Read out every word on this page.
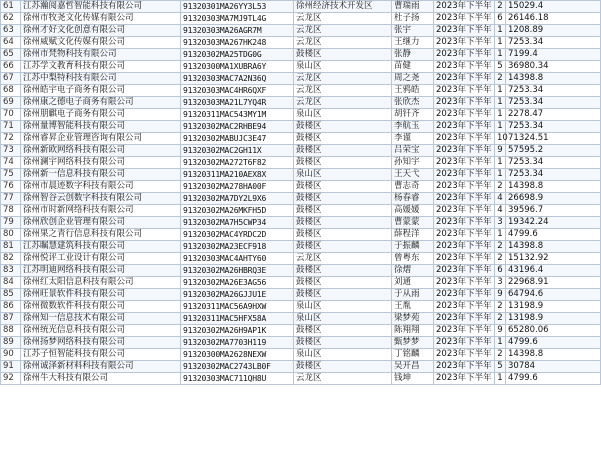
61	江苏瀚阅嘉哲智能科技有限公司	91320301MA26YY3L53	徐州经济技术开发区	曹瑞雨	2023年下半年	2	15029.4
62	徐州市牧尧文化传媒有限公司	91320303MA7MJ9TL4G	云龙区	杜子扬	2023年下半年	6	26146.18
63	徐州才好文化创意有限公司	91320303MA26AGR7M	云龙区	张宇	2023年下半年	1	1208.89
64	徐州威赋文化传媒有限公司	91320303MA267HK248	云龙区	王继力	2023年下半年	1	7253.34
65	徐州市梵物科技有限公司	91320302MA25TDG0G	鼓楼区	张静	2023年下半年	1	7199.4
66	江苏学文教育科技有限公司	91320300MA1XUBRA6Y	泉山区	苗健	2023年下半年	5	36980.34
67	江苏中梨特科技有限公司	91320303MAC7A2N36Q	云龙区	周之尧	2023年下半年	2	14398.8
68	徐州皓宇电子商务有限公司	91320303MAC4HR6QXF	云龙区	王鸦皓	2023年下半年	1	7253.34
69	徐州康之德电子商务有限公司	91320303MA21L7YQ4R	云龙区	张欣杰	2023年下半年	1	7253.34
70	徐州朋麒电子商务有限公司	91320311MAC543MY1M	泉山区	胡钎齐	2023年下半年	1	2278.47
71	徐州量博智能科技有限公司	91320302MAC2RHBE94	鼓楼区	李航玉	2023年下半年	1	7253.34
72	徐州睿昇企业管理咨询有限公司	91320302MABUJC3E47	鼓楼区	李谨	2023年下半年	10	71324.51
73	徐州新欧网络科技有限公司	91320302MAC2GH11X	鼓楼区	吕荣宝	2023年下半年	9	57595.2
74	徐州澜宇网络科技有限公司	91320302MA272T6F82	鼓楼区	孙知宇	2023年下半年	1	7253.34
75	徐州新一信息科技有限公司	91320311MA210AEX8X	泉山区	王天弋	2023年下半年	1	7253.34
76	徐州市晨迹数字科技有限公司	91320302MA278HA00F	鼓楼区	曹志奇	2023年下半年	2	14398.8
77	徐州智谷云创数字科技有限公司	91320302MA7DY2L9X6	鼓楼区	杨春睿	2023年下半年	4	26698.9
78	徐州市时新网络科技有限公司	91320302MA26MKFH5D	鼓楼区	高媛媛	2023年下半年	4	39596.7
79	徐州欣创企业管理有限公司	91320302MA7H5CWP34	鼓楼区	曹蒙蒙	2023年下半年	3	19342.24
80	徐州果之青行信息科技有限公司	91320302MAC4YRDC2D	鼓楼区	薛程洋	2023年下半年	1	4799.6
81	江苏瞩慧建筑科技有限公司	91320302MA23ECF918	鼓楼区	于振麟	2023年下半年	2	14398.8
82	徐州悦评工业设计有限公司	91320303MAC4AHTY60	云龙区	曾粤东	2023年下半年	2	15132.92
83	江苏明迪网络科技有限公司	91320302MA26HBRQ3E	鼓楼区	徐熠	2023年下半年	6	43196.4
84	徐州红太阳信息科技有限公司	91320302MA26E3AG56	鼓楼区	刘通	2023年下半年	3	22968.91
85	徐州旺景软件科技有限公司	91320302MA26GJJU1E	鼓楼区	于从雨	2023年下半年	9	64794.6
86	徐州微数软件科技有限公司	91320311MAC56A9HXW	泉山区	王胤	2023年下半年	2	13198.9
87	徐州知一信息技术有限公司	91320311MAC5HFX58A	泉山区	梁梦苑	2023年下半年	2	13198.9
88	徐州统光信息科技有限公司	91320302MA26H9AP1K	鼓楼区	陈翔翔	2023年下半年	9	65280.06
89	徐州扬梦网络科技有限公司	91320302MA7703H119	鼓楼区	甄梦梦	2023年下半年	1	4799.6
90	江苏子恒智能科技有限公司	91320300MA2628NEXW	泉山区	丁铭麟	2023年下半年	2	14398.8
91	徐州诚泽新材料科技有限公司	91320302MAC2743LB0F	鼓楼区	吴开昌	2023年下半年	5	30784
92	徐州牛大科技有限公司	91320303MAC711QH8U	云龙区	钱坤	2023年下半年	1	4799.6
